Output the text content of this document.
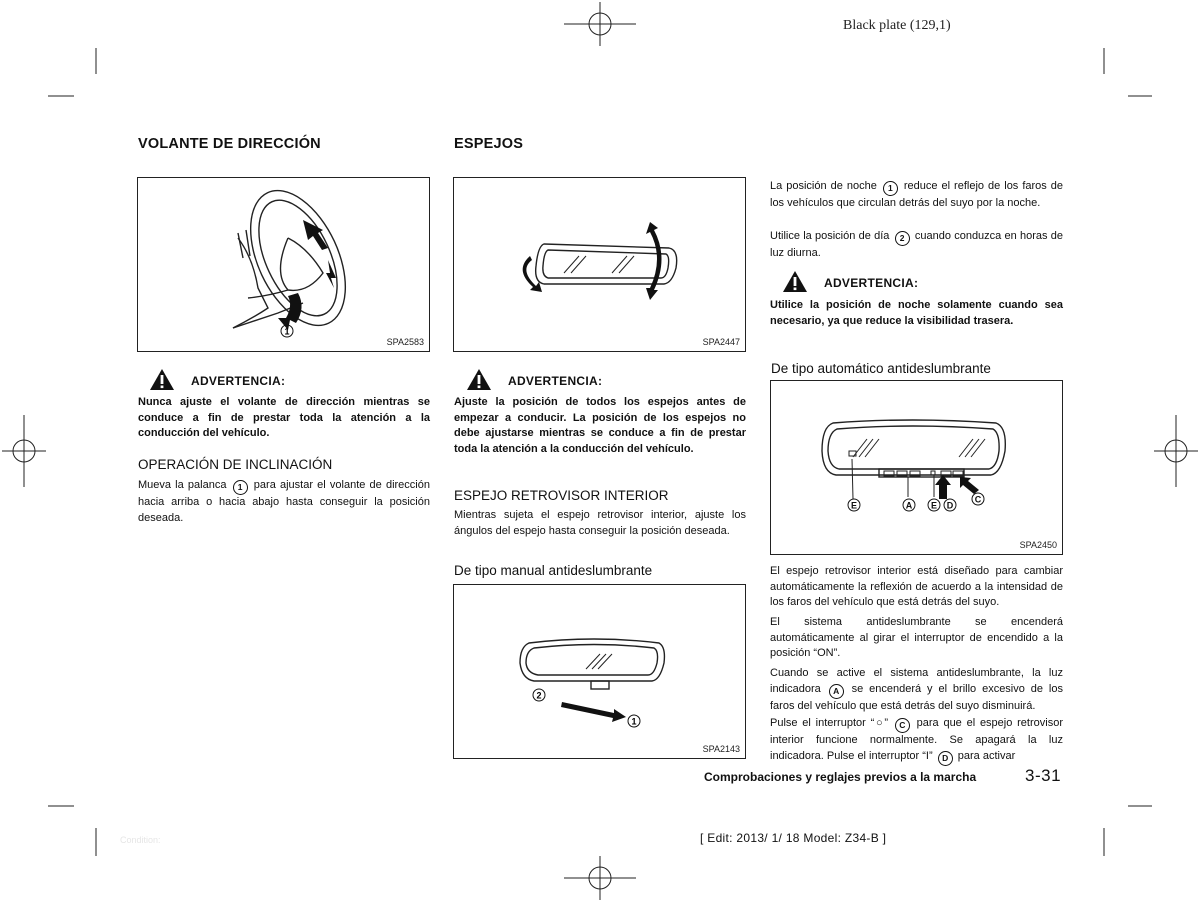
Black plate (129,1)
VOLANTE DE DIRECCIÓN
1
SPA2583
ADVERTENCIA:
Nunca ajuste el volante de dirección mientras se conduce a fin de prestar toda la atención a la conducción del vehículo.
OPERACIÓN DE INCLINACIÓN
Mueva la palanca 1 para ajustar el volante de dirección hacia arriba o hacia abajo hasta conseguir la posición deseada.
ESPEJOS
SPA2447
ADVERTENCIA:
Ajuste la posición de todos los espejos antes de empezar a conducir. La posición de los espejos no debe ajustarse mientras se conduce a fin de prestar toda la atención a la conducción del vehículo.
ESPEJO RETROVISOR INTERIOR
Mientras sujeta el espejo retrovisor interior, ajuste los ángulos del espejo hasta conseguir la posición deseada.
De tipo manual antideslumbrante
2
1
SPA2143
La posición de noche 1 reduce el reflejo de los faros de los vehículos que circulan detrás del suyo por la noche.
Utilice la posición de día 2 cuando conduzca en horas de luz diurna.
ADVERTENCIA:
Utilice la posición de noche solamente cuando sea necesario, ya que reduce la visibilidad trasera.
De tipo automático antideslumbrante
E	A E D
C
SPA2450
El espejo retrovisor interior está diseñado para cambiar automáticamente la reflexión de acuerdo a la intensidad de los faros del vehículo que está detrás del suyo.
El sistema antideslumbrante se encenderá automáticamente al girar el interruptor de encendido a la posición “ON”.
Cuando se active el sistema antideslumbrante, la luz indicadora A se encenderá y el brillo excesivo de los faros del vehículo que está detrás del suyo disminuirá.
Pulse el interruptor “○” C para que el espejo retrovisor interior funcione normalmente. Se apagará la luz indicadora. Pulse el interruptor “I” D para activar
Comprobaciones y reglajes previos a la marcha	3-31
[ Edit: 2013/ 1/ 18 Model: Z34-B ]
Condition:
